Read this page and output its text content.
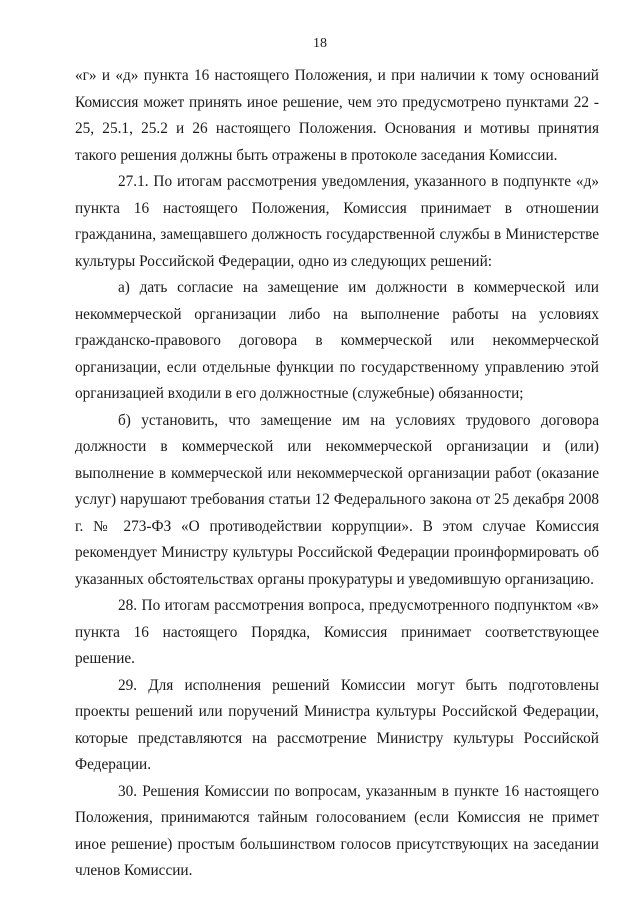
18

«г» и «д» пункта 16 настоящего Положения, и при наличии к тому оснований Комиссия может принять иное решение, чем это предусмотрено пунктами 22 - 25, 25.1, 25.2 и 26 настоящего Положения. Основания и мотивы принятия такого решения должны быть отражены в протоколе заседания Комиссии.

27.1. По итогам рассмотрения уведомления, указанного в подпункте «д» пункта 16 настоящего Положения, Комиссия принимает в отношении гражданина, замещавшего должность государственной службы в Министерстве культуры Российской Федерации, одно из следующих решений:

а) дать согласие на замещение им должности в коммерческой или некоммерческой организации либо на выполнение работы на условиях гражданско-правового договора в коммерческой или некоммерческой организации, если отдельные функции по государственному управлению этой организацией входили в его должностные (служебные) обязанности;

б) установить, что замещение им на условиях трудового договора должности в коммерческой или некоммерческой организации и (или) выполнение в коммерческой или некоммерческой организации работ (оказание услуг) нарушают требования статьи 12 Федерального закона от 25 декабря 2008 г. № 273-ФЗ «О противодействии коррупции». В этом случае Комиссия рекомендует Министру культуры Российской Федерации проинформировать об указанных обстоятельствах органы прокуратуры и уведомившую организацию.

28. По итогам рассмотрения вопроса, предусмотренного подпунктом «в» пункта 16 настоящего Порядка, Комиссия принимает соответствующее решение.

29. Для исполнения решений Комиссии могут быть подготовлены проекты решений или поручений Министра культуры Российской Федерации, которые представляются на рассмотрение Министру культуры Российской Федерации.

30. Решения Комиссии по вопросам, указанным в пункте 16 настоящего Положения, принимаются тайным голосованием (если Комиссия не примет иное решение) простым большинством голосов присутствующих на заседании членов Комиссии.
